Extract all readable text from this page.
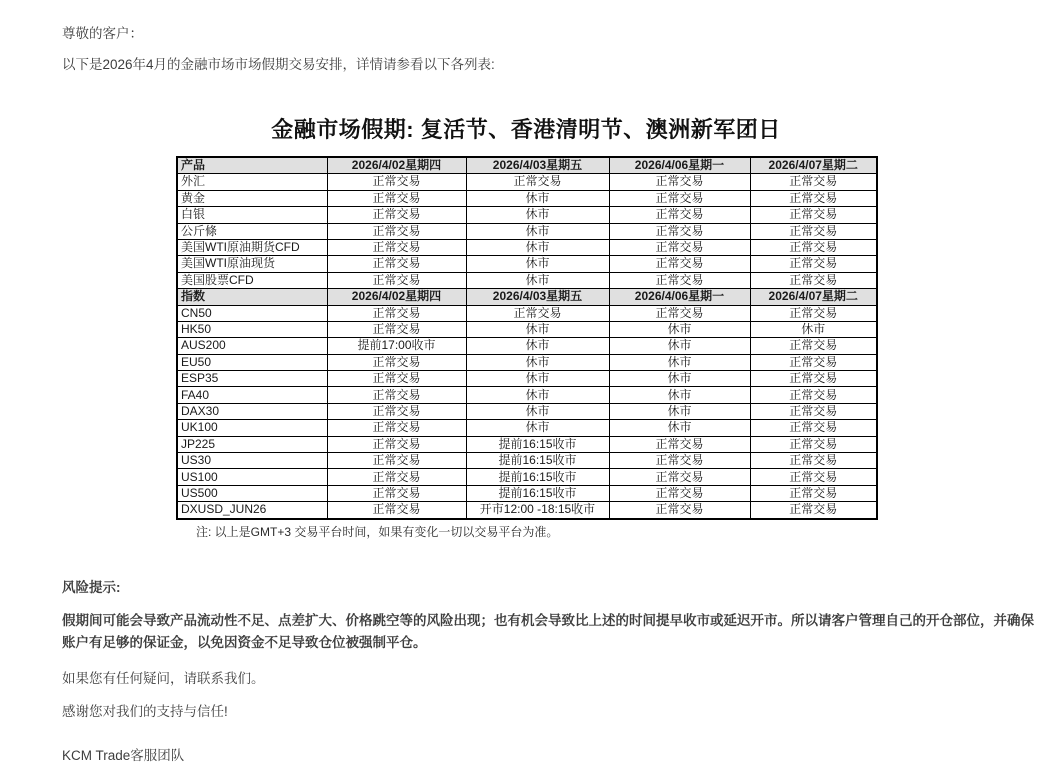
尊敬的客户：

以下是2026年4月的金融市场市场假期交易安排，详情请参看以下各列表:

金融市场假期: 复活节、香港清明节、澳洲新军团日
产品	2026/4/02星期四	2026/4/03星期五	2026/4/06星期一	2026/4/07星期二
外汇	正常交易	正常交易	正常交易	正常交易
黄金	正常交易	休市	正常交易	正常交易
白银	正常交易	休市	正常交易	正常交易
公斤條	正常交易	休市	正常交易	正常交易
美国WTI原油期货CFD	正常交易	休市	正常交易	正常交易
美国WTI原油现货	正常交易	休市	正常交易	正常交易
美国股票CFD	正常交易	休市	正常交易	正常交易
指数	2026/4/02星期四	2026/4/03星期五	2026/4/06星期一	2026/4/07星期二
CN50	正常交易	正常交易	正常交易	正常交易
HK50	正常交易	休市	休市	休市
AUS200	提前17:00收市	休市	休市	正常交易
EU50	正常交易	休市	休市	正常交易
ESP35	正常交易	休市	休市	正常交易
FA40	正常交易	休市	休市	正常交易
DAX30	正常交易	休市	休市	正常交易
UK100	正常交易	休市	休市	正常交易
JP225	正常交易	提前16:15收市	正常交易	正常交易
US30	正常交易	提前16:15收市	正常交易	正常交易
US100	正常交易	提前16:15收市	正常交易	正常交易
US500	正常交易	提前16:15收市	正常交易	正常交易
DXUSD_JUN26	正常交易	开市12:00 -18:15收市	正常交易	正常交易
注: 以上是GMT+3 交易平台时间，如果有变化一切以交易平台为准。

风险提示:

假期间可能会导致产品流动性不足、点差扩大、价格跳空等的风险出现；也有机会导致比上述的时间提早收市或延迟开市。所以请客户管理自己的开仓部位，并确保账户有足够的保证金，以免因资金不足导致仓位被强制平仓。

如果您有任何疑问，请联系我们。

感谢您对我们的支持与信任!

KCM Trade客服团队
